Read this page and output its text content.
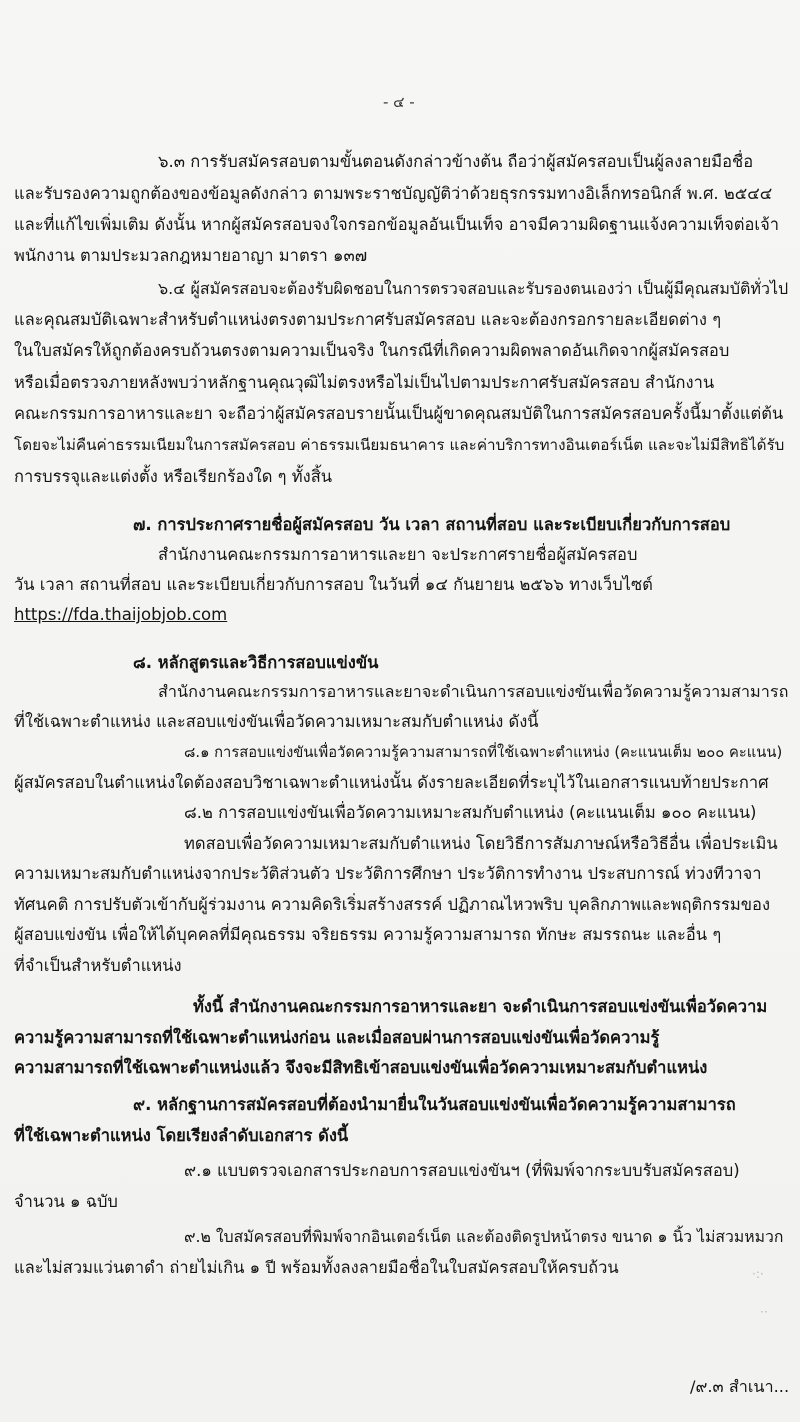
- ๔ -
๖.๓ การรับสมัครสอบตามขั้นตอนดังกล่าวข้างต้น ถือว่าผู้สมัครสอบเป็นผู้ลงลายมือชื่อ
และรับรองความถูกต้องของข้อมูลดังกล่าว ตามพระราชบัญญัติว่าด้วยธุรกรรมทางอิเล็กทรอนิกส์ พ.ศ. ๒๕๔๔
และที่แก้ไขเพิ่มเติม ดังนั้น หากผู้สมัครสอบจงใจกรอกข้อมูลอันเป็นเท็จ อาจมีความผิดฐานแจ้งความเท็จต่อเจ้า
พนักงาน ตามประมวลกฎหมายอาญา มาตรา ๑๓๗
๖.๔ ผู้สมัครสอบจะต้องรับผิดชอบในการตรวจสอบและรับรองตนเองว่า เป็นผู้มีคุณสมบัติทั่วไป
และคุณสมบัติเฉพาะสำหรับตำแหน่งตรงตามประกาศรับสมัครสอบ และจะต้องกรอกรายละเอียดต่าง ๆ
ในใบสมัครให้ถูกต้องครบถ้วนตรงตามความเป็นจริง ในกรณีที่เกิดความผิดพลาดอันเกิดจากผู้สมัครสอบ
หรือเมื่อตรวจภายหลังพบว่าหลักฐานคุณวุฒิไม่ตรงหรือไม่เป็นไปตามประกาศรับสมัครสอบ สำนักงาน
คณะกรรมการอาหารและยา จะถือว่าผู้สมัครสอบรายนั้นเป็นผู้ขาดคุณสมบัติในการสมัครสอบครั้งนี้มาตั้งแต่ต้น
โดยจะไม่คืนค่าธรรมเนียมในการสมัครสอบ ค่าธรรมเนียมธนาคาร และค่าบริการทางอินเตอร์เน็ต และจะไม่มีสิทธิได้รับ
การบรรจุและแต่งตั้ง หรือเรียกร้องใด ๆ ทั้งสิ้น
๗. การประกาศรายชื่อผู้สมัครสอบ วัน เวลา สถานที่สอบ และระเบียบเกี่ยวกับการสอบ
สำนักงานคณะกรรมการอาหารและยา จะประกาศรายชื่อผู้สมัครสอบ
วัน เวลา สถานที่สอบ และระเบียบเกี่ยวกับการสอบ ในวันที่ ๑๔ กันยายน ๒๕๖๖ ทางเว็บไซต์
https://fda.thaijobjob.com
๘. หลักสูตรและวิธีการสอบแข่งขัน
สำนักงานคณะกรรมการอาหารและยาจะดำเนินการสอบแข่งขันเพื่อวัดความรู้ความสามารถ
ที่ใช้เฉพาะตำแหน่ง และสอบแข่งขันเพื่อวัดความเหมาะสมกับตำแหน่ง ดังนี้
๘.๑ การสอบแข่งขันเพื่อวัดความรู้ความสามารถที่ใช้เฉพาะตำแหน่ง (คะแนนเต็ม ๒๐๐ คะแนน)
ผู้สมัครสอบในตำแหน่งใดต้องสอบวิชาเฉพาะตำแหน่งนั้น ดังรายละเอียดที่ระบุไว้ในเอกสารแนบท้ายประกาศ
๘.๒ การสอบแข่งขันเพื่อวัดความเหมาะสมกับตำแหน่ง (คะแนนเต็ม ๑๐๐ คะแนน)
ทดสอบเพื่อวัดความเหมาะสมกับตำแหน่ง โดยวิธีการสัมภาษณ์หรือวิธีอื่น เพื่อประเมิน
ความเหมาะสมกับตำแหน่งจากประวัติส่วนตัว ประวัติการศึกษา ประวัติการทำงาน ประสบการณ์ ท่วงทีวาจา
ทัศนคติ การปรับตัวเข้ากับผู้ร่วมงาน ความคิดริเริ่มสร้างสรรค์ ปฏิภาณไหวพริบ บุคลิกภาพและพฤติกรรมของ
ผู้สอบแข่งขัน เพื่อให้ได้บุคคลที่มีคุณธรรม จริยธรรม ความรู้ความสามารถ ทักษะ สมรรถนะ และอื่น ๆ
ที่จำเป็นสำหรับตำแหน่ง
ทั้งนี้ สำนักงานคณะกรรมการอาหารและยา จะดำเนินการสอบแข่งขันเพื่อวัดความ
ความรู้ความสามารถที่ใช้เฉพาะตำแหน่งก่อน และเมื่อสอบผ่านการสอบแข่งขันเพื่อวัดความรู้
ความสามารถที่ใช้เฉพาะตำแหน่งแล้ว จึงจะมีสิทธิเข้าสอบแข่งขันเพื่อวัดความเหมาะสมกับตำแหน่ง
๙. หลักฐานการสมัครสอบที่ต้องนำมายื่นในวันสอบแข่งขันเพื่อวัดความรู้ความสามารถ
ที่ใช้เฉพาะตำแหน่ง โดยเรียงลำดับเอกสาร ดังนี้
๙.๑ แบบตรวจเอกสารประกอบการสอบแข่งขันฯ (ที่พิมพ์จากระบบรับสมัครสอบ)
จำนวน ๑ ฉบับ
๙.๒ ใบสมัครสอบที่พิมพ์จากอินเตอร์เน็ต และต้องติดรูปหน้าตรง ขนาด ๑ นิ้ว ไม่สวมหมวก
และไม่สวมแว่นตาดำ ถ่ายไม่เกิน ๑ ปี พร้อมทั้งลงลายมือชื่อในใบสมัครสอบให้ครบถ้วน	·:·
··
/๙.๓ สำเนา...
